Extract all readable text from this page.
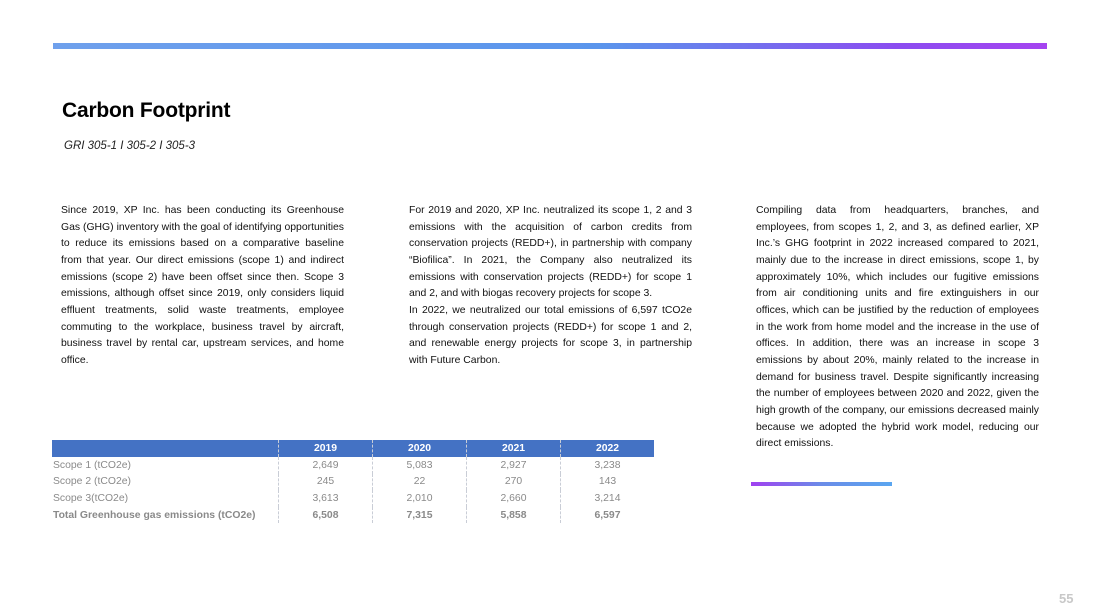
Carbon Footprint
GRI 305-1 I 305-2 I 305-3

Since 2019, XP Inc. has been conducting its Greenhouse Gas (GHG) inventory with the goal of identifying opportunities to reduce its emissions based on a comparative baseline from that year. Our direct emissions (scope 1) and indirect emissions (scope 2) have been offset since then. Scope 3 emissions, although offset since 2019, only considers liquid effluent treatments, solid waste treatments, employee commuting to the workplace, business travel by aircraft, business travel by rental car, upstream services, and home office.

For 2019 and 2020, XP Inc. neutralized its scope 1, 2 and 3 emissions with the acquisition of carbon credits from conservation projects (REDD+), in partnership with company “Biofilica”. In 2021, the Company also neutralized its emissions with conservation projects (REDD+) for scope 1 and 2, and with biogas recovery projects for scope 3.

In 2022, we neutralized our total emissions of 6,597 tCO2e through conservation projects (REDD+) for scope 1 and 2, and renewable energy projects for scope 3, in partnership with Future Carbon.

Compiling data from headquarters, branches, and employees, from scopes 1, 2, and 3, as defined earlier, XP Inc.’s GHG footprint in 2022 increased compared to 2021, mainly due to the increase in direct emissions, scope 1, by approximately 10%, which includes our fugitive emissions from air conditioning units and fire extinguishers in our offices, which can be justified by the reduction of employees in the work from home model and the increase in the use of offices. In addition, there was an increase in scope 3 emissions by about 20%, mainly related to the increase in demand for business travel. Despite significantly increasing the number of employees between 2020 and 2022, given the high growth of the company, our emissions decreased mainly because we adopted the hybrid work model, reducing our direct emissions.

	2019	2020	2021	2022
Scope 1 (tCO2e)	2,649	5,083	2,927	3,238
Scope 2 (tCO2e)	245	22	270	143
Scope 3(tCO2e)	3,613	2,010	2,660	3,214
Total Greenhouse gas emissions (tCO2e)	6,508	7,315	5,858	6,597
55
